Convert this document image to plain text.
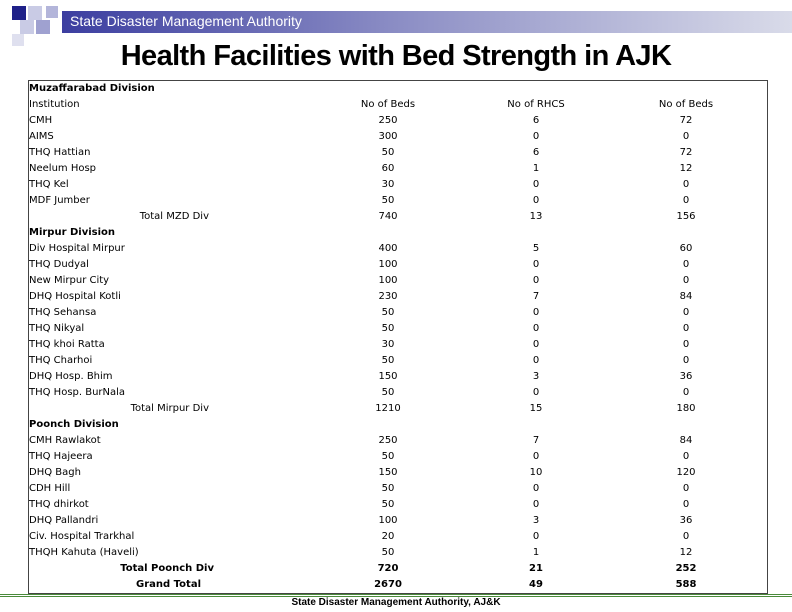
State Disaster Management Authority
Health Facilities with Bed Strength in AJK
Muzaffarabad Division
Institution	No of Beds	No of RHCS	No of Beds
CMH	250	6	72
AIMS	300	0	0
THQ Hattian	50	6	72
Neelum Hosp	60	1	12
THQ Kel	30	0	0
MDF Jumber	50	0	0
Total MZD Div	740	13	156
Mirpur Division
Div Hospital Mirpur	400	5	60
THQ Dudyal	100	0	0
New Mirpur City	100	0	0
DHQ Hospital Kotli	230	7	84
THQ Sehansa	50	0	0
THQ Nikyal	50	0	0
THQ khoi Ratta	30	0	0
THQ Charhoi	50	0	0
DHQ Hosp. Bhim	150	3	36
THQ Hosp. BurNala	50	0	0
Total Mirpur Div	1210	15	180
Poonch Division
CMH Rawlakot	250	7	84
THQ Hajeera	50	0	0
DHQ Bagh	150	10	120
CDH Hill	50	0	0
THQ dhirkot	50	0	0
DHQ Pallandri	100	3	36
Civ. Hospital Trarkhal	20	0	0
THQH Kahuta (Haveli)	50	1	12
Total Poonch Div	720	21	252
Grand Total	2670	49	588
State Disaster Management Authority, AJ&K
